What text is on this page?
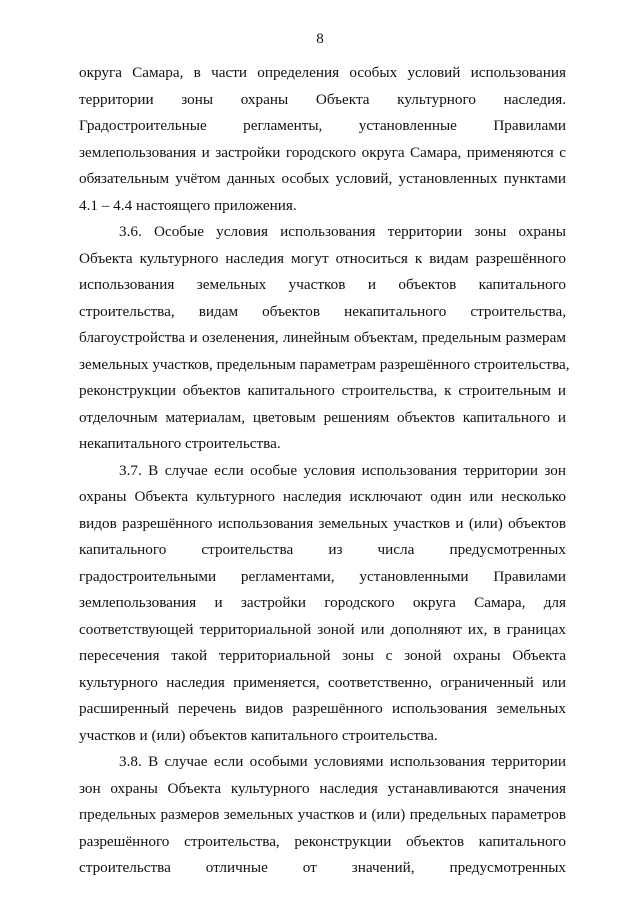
8
округа Самара, в части определения особых условий использования
территории зоны охраны Объекта культурного наследия.
Градостроительные регламенты, установленные Правилами
землепользования и застройки городского округа Самара, применяются с
обязательным учётом данных особых условий, установленных пунктами
4.1 – 4.4 настоящего приложения.
3.6. Особые условия использования территории зоны охраны
Объекта культурного наследия могут относиться к видам разрешённого
использования земельных участков и объектов капитального
строительства, видам объектов некапитального строительства,
благоустройства и озеленения, линейным объектам, предельным размерам
земельных участков, предельным параметрам разрешённого строительства,
реконструкции объектов капитального строительства, к строительным и
отделочным материалам, цветовым решениям объектов капитального и
некапитального строительства.
3.7. В случае если особые условия использования территории зон
охраны Объекта культурного наследия исключают один или несколько
видов разрешённого использования земельных участков и (или) объектов
капитального строительства из числа предусмотренных
градостроительными регламентами, установленными Правилами
землепользования и застройки городского округа Самара, для
соответствующей территориальной зоной или дополняют их, в границах
пересечения такой территориальной зоны с зоной охраны Объекта
культурного наследия применяется, соответственно, ограниченный или
расширенный перечень видов разрешённого использования земельных
участков и (или) объектов капитального строительства.
3.8. В случае если особыми условиями использования территории
зон охраны Объекта культурного наследия устанавливаются значения
предельных размеров земельных участков и (или) предельных параметров
разрешённого строительства, реконструкции объектов капитального
строительства отличные от значений, предусмотренных
